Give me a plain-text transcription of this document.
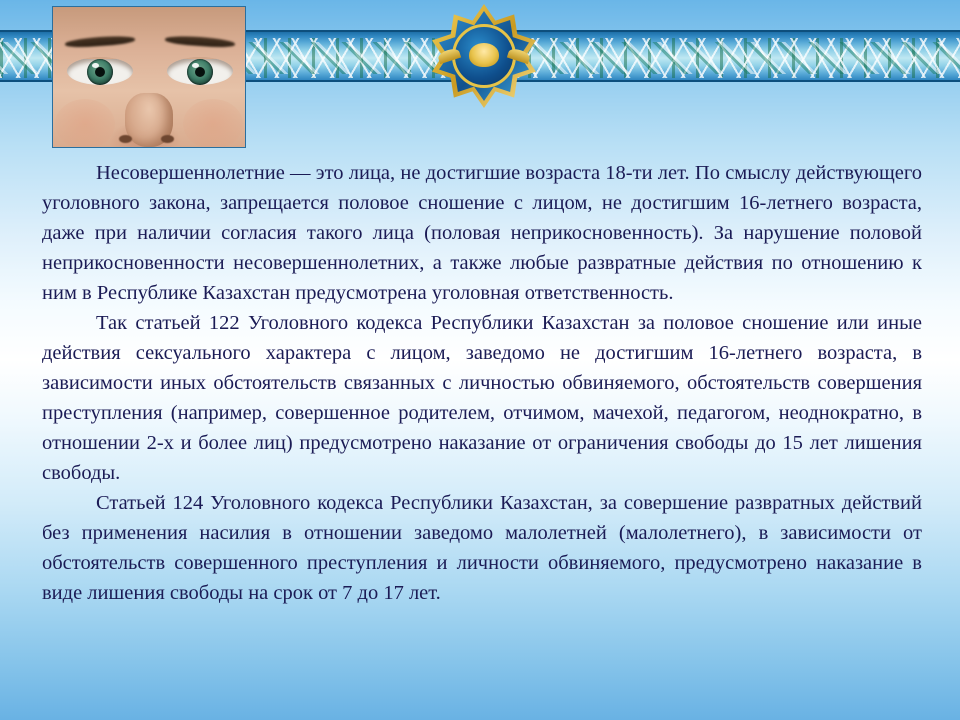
Несовершеннолетние — это лица, не достигшие возраста 18-ти лет. По смыслу действующего уголовного закона, запрещается половое сношение с лицом, не достигшим 16-летнего возраста, даже при наличии согласия такого лица (половая неприкосновенность). За нарушение половой неприкосновенности несовершеннолетних, а также любые развратные действия по отношению к ним в Республике Казахстан предусмотрена уголовная ответственность.

Так статьей 122 Уголовного кодекса Республики Казахстан за половое сношение или иные действия сексуального характера с лицом, заведомо не достигшим 16-летнего возраста, в зависимости иных обстоятельств связанных с личностью обвиняемого, обстоятельств совершения преступления (например, совершенное родителем, отчимом, мачехой, педагогом, неоднократно, в отношении 2-х и более лиц) предусмотрено наказание от ограничения свободы до 15 лет лишения свободы.

Статьей 124 Уголовного кодекса Республики Казахстан, за совершение развратных действий без применения насилия в отношении заведомо малолетней (малолетнего), в зависимости от обстоятельств совершенного преступления и личности обвиняемого, предусмотрено наказание в виде лишения свободы на срок от 7 до 17 лет.
